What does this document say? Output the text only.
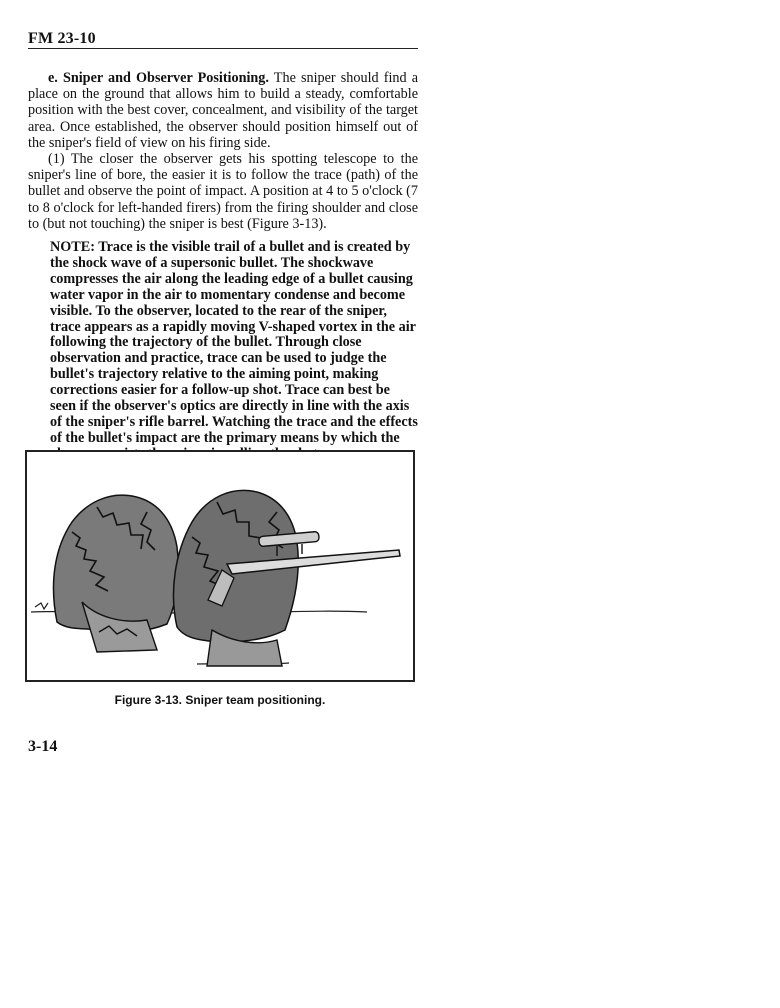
FM 23-10

e. Sniper and Observer Positioning. The sniper should find a place on the ground that allows him to build a steady, comfortable position with the best cover, concealment, and visibility of the target area. Once established, the observer should position himself out of the sniper's field of view on his firing side.

(1) The closer the observer gets his spotting telescope to the sniper's line of bore, the easier it is to follow the trace (path) of the bullet and observe the point of impact. A position at 4 to 5 o'clock (7 to 8 o'clock for left-handed firers) from the firing shoulder and close to (but not touching) the sniper is best (Figure 3-13).

NOTE: Trace is the visible trail of a bullet and is created by the shock wave of a supersonic bullet. The shockwave compresses the air along the leading edge of a bullet causing water vapor in the air to momentary condense and become visible. To the observer, located to the rear of the sniper, trace appears as a rapidly moving V-shaped vortex in the air following the trajectory of the bullet. Through close observation and practice, trace can be used to judge the bullet's trajectory relative to the aiming point, making corrections easier for a follow-up shot. Trace can best be seen if the observer's optics are directly in line with the axis of the sniper's rifle barrel. Watching the trace and the effects of the bullet's impact are the primary means by which the

Figure 3-13. Sniper team positioning.
3-14
